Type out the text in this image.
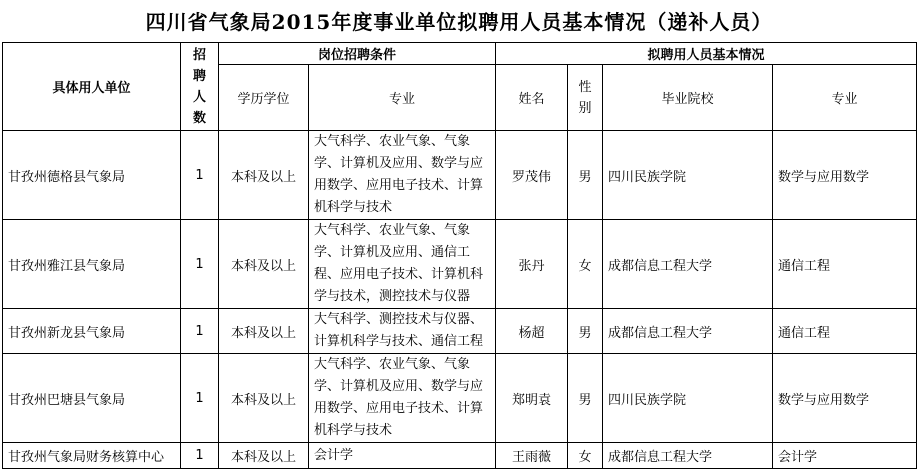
四川省气象局2015年度事业单位拟聘用人员基本情况（递补人员）
具体用人单位	招聘人数	岗位招聘条件		拟聘用人员基本情况			
		学历学位	专业	姓名	性别	毕业院校	专业
甘孜州德格县气象局	1	本科及以上	大气科学、农业气象、气象学、计算机及应用、数学与应用数学、应用电子技术、计算机科学与技术	罗茂伟	男	四川民族学院	数学与应用数学
甘孜州雅江县气象局	1	本科及以上	大气科学、农业气象、气象学、计算机及应用、通信工程、应用电子技术、计算机科学与技术，测控技术与仪器	张丹	女	成都信息工程大学	通信工程
甘孜州新龙县气象局	1	本科及以上	大气科学、测控技术与仪器、计算机科学与技术、通信工程	杨超	男	成都信息工程大学	通信工程
甘孜州巴塘县气象局	1	本科及以上	大气科学、农业气象、气象学、计算机及应用、数学与应用数学、应用电子技术、计算机科学与技术	郑明袁	男	四川民族学院	数学与应用数学
甘孜州气象局财务核算中心	1	本科及以上	会计学	王雨薇	女	成都信息工程大学	会计学
